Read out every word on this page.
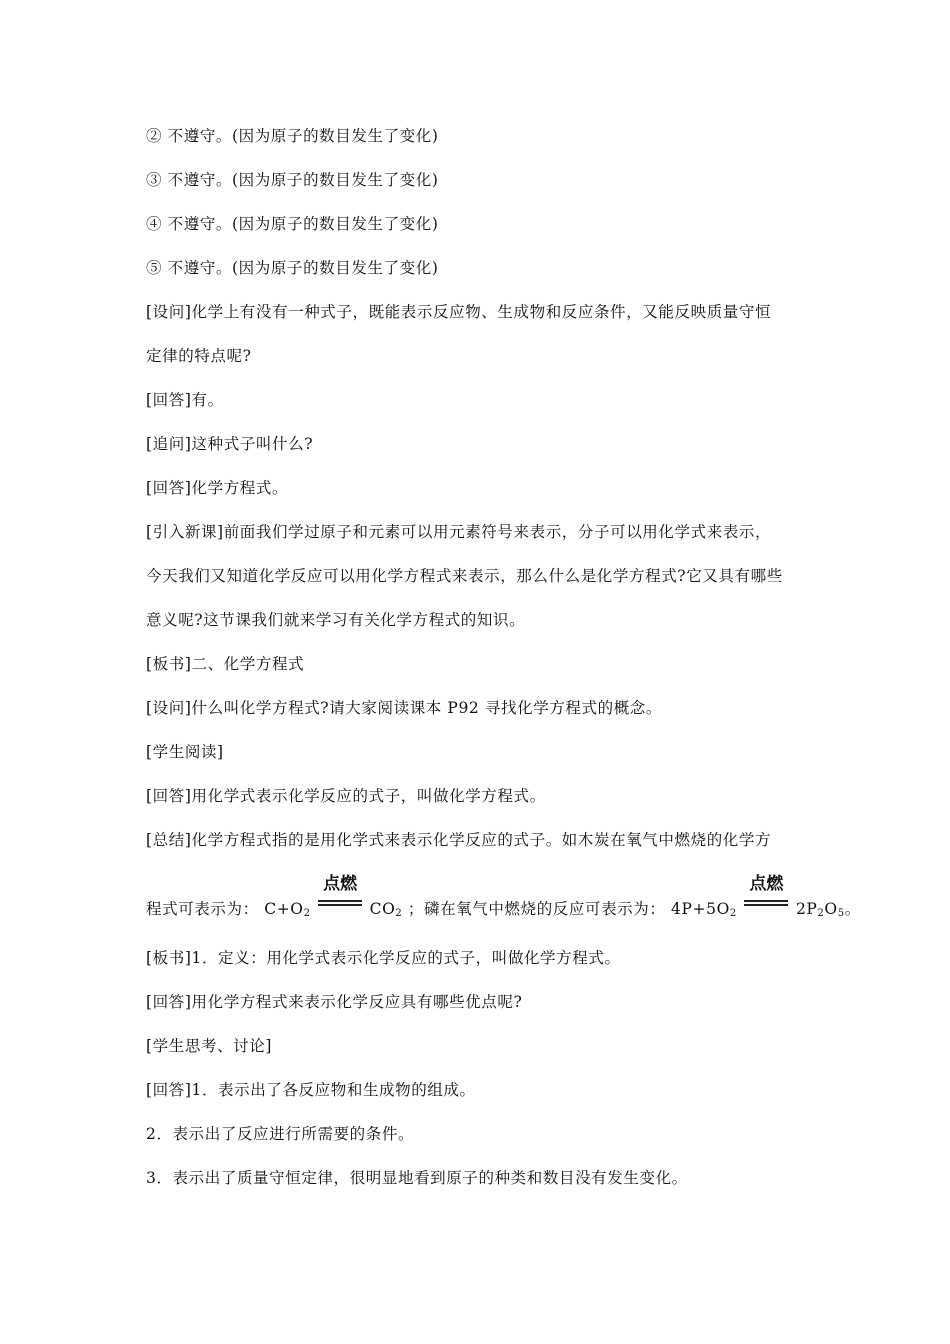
② 不遵守。(因为原子的数目发生了变化)
③ 不遵守。(因为原子的数目发生了变化)
④ 不遵守。(因为原子的数目发生了变化)
⑤ 不遵守。(因为原子的数目发生了变化)
[设问]化学上有没有一种式子，既能表示反应物、生成物和反应条件，又能反映质量守恒
定律的特点呢?
[回答]有。
[追问]这种式子叫什么?
[回答]化学方程式。
[引入新课]前面我们学过原子和元素可以用元素符号来表示，分子可以用化学式来表示，
今天我们又知道化学反应可以用化学方程式来表示，那么什么是化学方程式?它又具有哪些
意义呢?这节课我们就来学习有关化学方程式的知识。
[板书]二、化学方程式
[设问]什么叫化学方程式?请大家阅读课本 P92 寻找化学方程式的概念。
[学生阅读]
[回答]用化学式表示化学反应的式子，叫做化学方程式。
[总结]化学方程式指的是用化学式来表示化学反应的式子。如木炭在氧气中燃烧的化学方
程式可表示为： $C+O_2$
点燃
$CO_2$ ；磷在氧气中燃烧的反应可表示为： $4P+5O_2$
点燃
$2P_2O_5$。
[板书]1．定义：用化学式表示化学反应的式子，叫做化学方程式。
[回答]用化学方程式来表示化学反应具有哪些优点呢?
[学生思考、讨论]
[回答]1．表示出了各反应物和生成物的组成。
2．表示出了反应进行所需要的条件。
3．表示出了质量守恒定律，很明显地看到原子的种类和数目没有发生变化。
